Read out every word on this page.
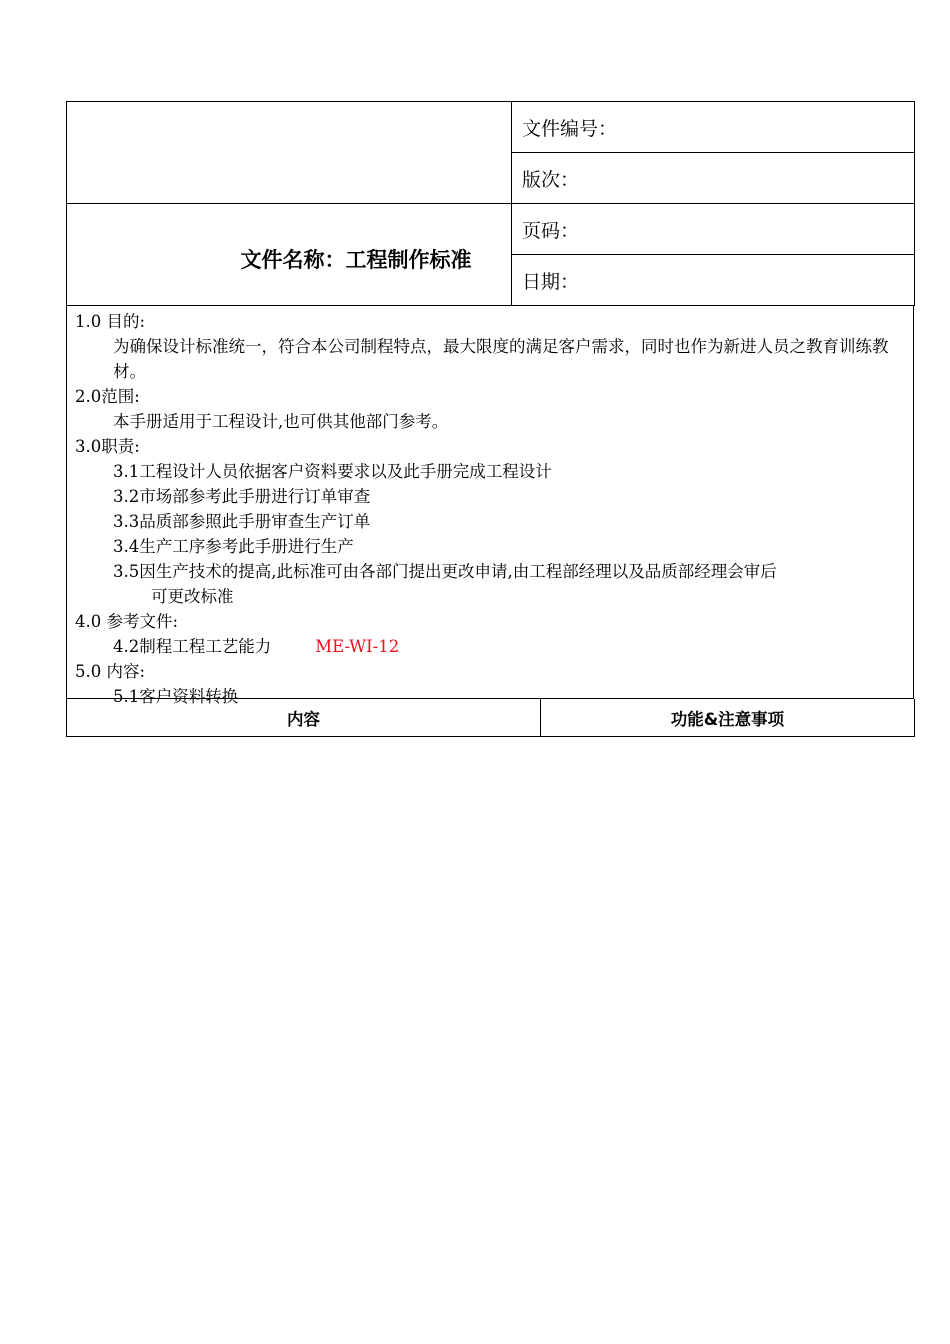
	文件编号：
	版次：
文件名称：工程制作标准	页码：
	日期：
1.0 目的:
为确保设计标准统一，符合本公司制程特点，最大限度的满足客户需求，同时也作为新进人员之教育训练教材。
2.0范围:
本手册适用于工程设计,也可供其他部门参考。
3.0职责:
3.1工程设计人员依据客户资料要求以及此手册完成工程设计
3.2市场部参考此手册进行订单审查
3.3品质部参照此手册审查生产订单
3.4生产工序参考此手册进行生产
3.5因生产技术的提高,此标准可由各部门提出更改申请,由工程部经理以及品质部经理会审后
可更改标准
4.0 参考文件:
4.2制程工程工艺能力	ME-WI-12
5.0 内容:
5.1客户资料转换
内容	功能&注意事项
